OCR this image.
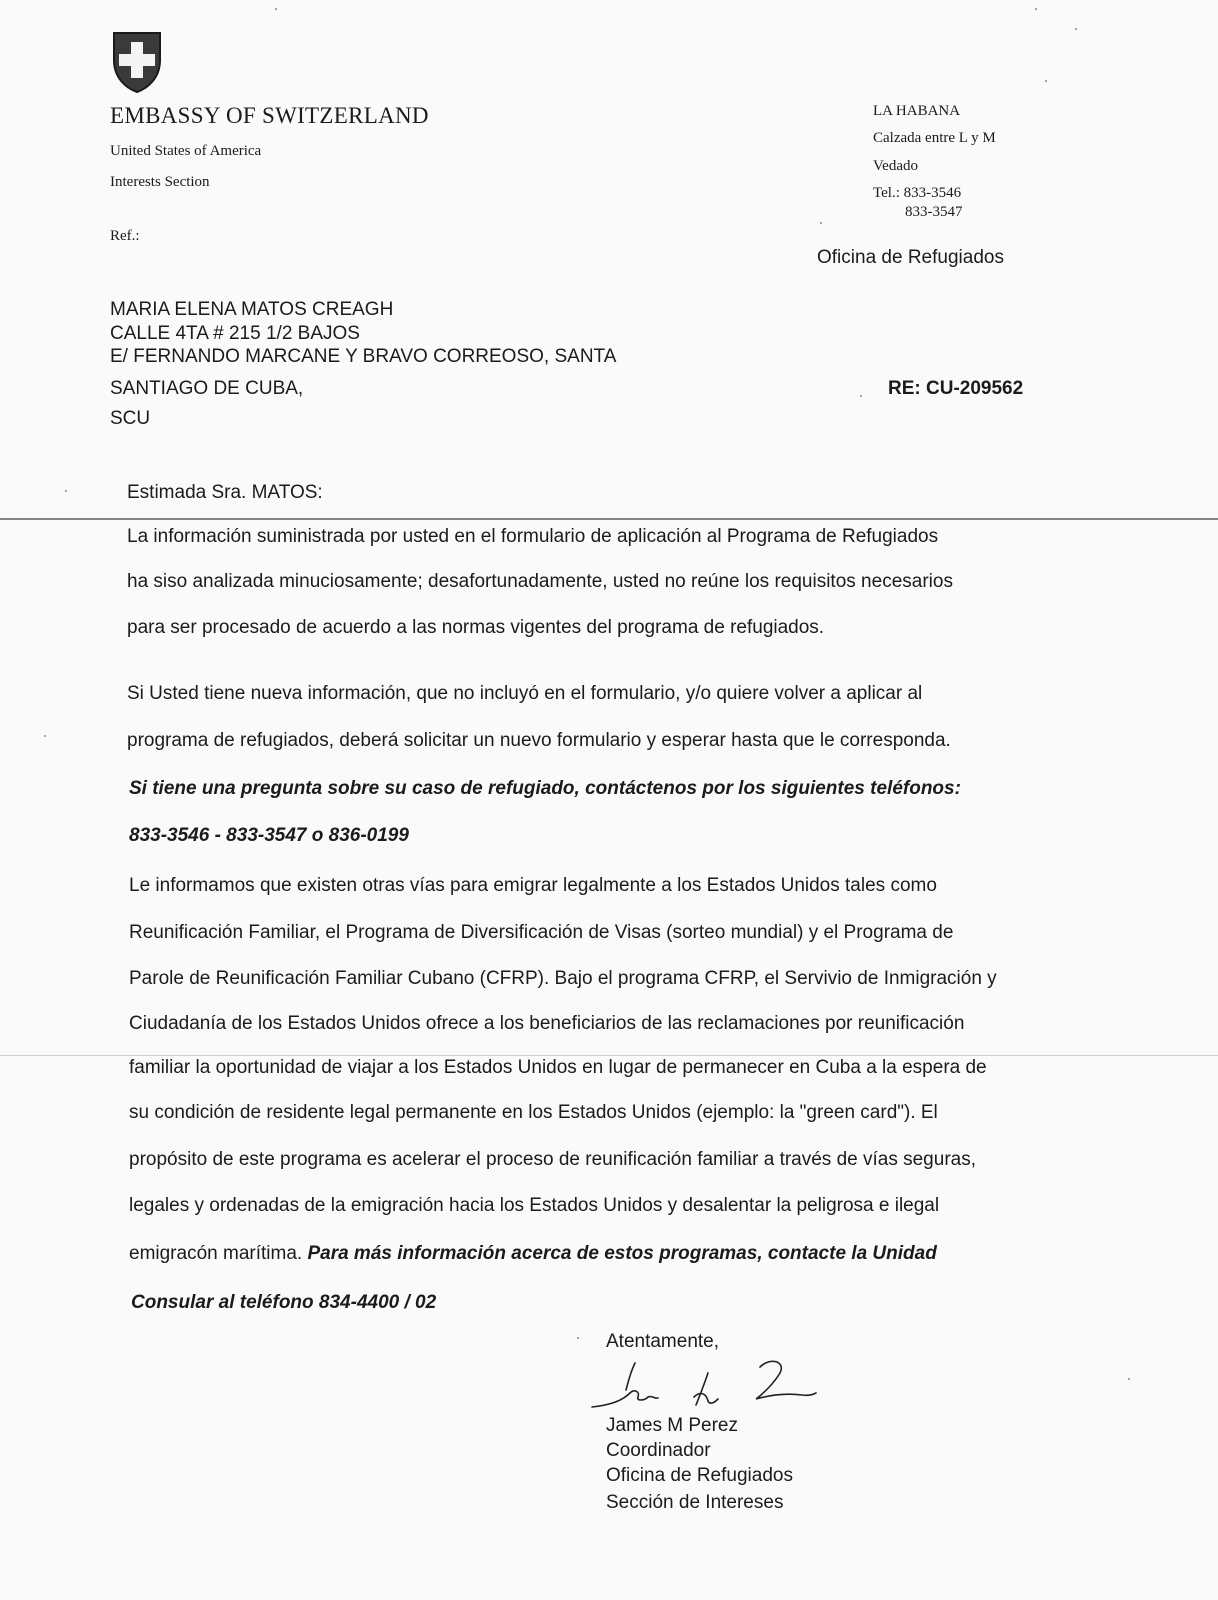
EMBASSY OF SWITZERLAND
United States of America
Interests Section
Ref.:
LA HABANA
Calzada entre L y M
Vedado
Tel.: 833-3546
833-3547
Oficina de Refugiados
MARIA ELENA MATOS CREAGH
CALLE 4TA # 215 1/2 BAJOS
E/ FERNANDO MARCANE Y BRAVO CORREOSO, SANTA
SANTIAGO DE CUBA,
SCU
RE: CU-209562
Estimada Sra. MATOS:
La información suministrada por usted en el formulario de aplicación al Programa de Refugiados
ha siso analizada minuciosamente; desafortunadamente, usted no reúne los requisitos necesarios
para ser procesado de acuerdo a las normas vigentes del programa de refugiados.
Si Usted tiene nueva información, que no incluyó en el formulario, y/o quiere volver a aplicar al
programa de refugiados, deberá solicitar un nuevo formulario y esperar hasta que le corresponda.
Si tiene una pregunta sobre su caso de refugiado, contáctenos por los siguientes teléfonos:
833-3546 - 833-3547 o 836-0199
Le informamos que existen otras vías para emigrar legalmente a los Estados Unidos tales como
Reunificación Familiar, el Programa de Diversificación de Visas (sorteo mundial) y el Programa de
Parole de Reunificación Familiar Cubano (CFRP). Bajo el programa CFRP, el Servivio de Inmigración y
Ciudadanía de los Estados Unidos ofrece a los beneficiarios de las reclamaciones por reunificación
familiar la oportunidad de viajar a los Estados Unidos en lugar de permanecer en Cuba a la espera de
su condición de residente legal permanente en los Estados Unidos (ejemplo: la "green card"). El
propósito de este programa es acelerar el proceso de reunificación familiar a través de vías seguras,
legales y ordenadas de la emigración hacia los Estados Unidos y desalentar la peligrosa e ilegal
emigracón marítima. Para más información acerca de estos programas, contacte la Unidad
Consular al teléfono 834-4400 / 02
Atentamente,
James M Perez
Coordinador
Oficina de Refugiados
Sección de Intereses
